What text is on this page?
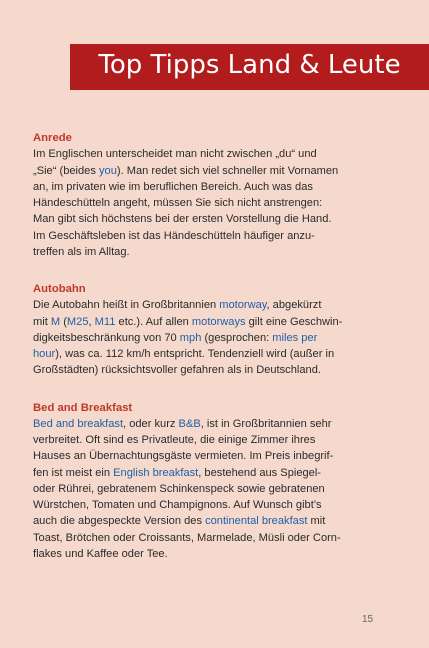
Top Tipps Land & Leute
Anrede
Im Englischen unterscheidet man nicht zwischen „du“ und
„Sie“ (beides you). Man redet sich viel schneller mit Vornamen
an, im privaten wie im beruflichen Bereich. Auch was das
Händeschütteln angeht, müssen Sie sich nicht anstrengen:
Man gibt sich höchstens bei der ersten Vorstellung die Hand.
Im Geschäftsleben ist das Händeschütteln häufiger anzu-
treffen als im Alltag.
Autobahn
Die Autobahn heißt in Großbritannien motorway, abgekürzt
mit M (M25, M11 etc.). Auf allen motorways gilt eine Geschwin-
digkeitsbeschränkung von 70 mph (gesprochen: miles per
hour), was ca. 112 km/h entspricht. Tendenziell wird (außer in
Großstädten) rücksichtsvoller gefahren als in Deutschland.
Bed and Breakfast
Bed and breakfast, oder kurz B&B, ist in Großbritannien sehr
verbreitet. Oft sind es Privatleute, die einige Zimmer ihres
Hauses an Übernachtungsgäste vermieten. Im Preis inbegrif-
fen ist meist ein English breakfast, bestehend aus Spiegel-
oder Rührei, gebratenem Schinkenspeck sowie gebratenen
Würstchen, Tomaten und Champignons. Auf Wunsch gibt’s
auch die abgespeckte Version des continental breakfast mit
Toast, Brötchen oder Croissants, Marmelade, Müsli oder Corn-
flakes und Kaffee oder Tee.
15
